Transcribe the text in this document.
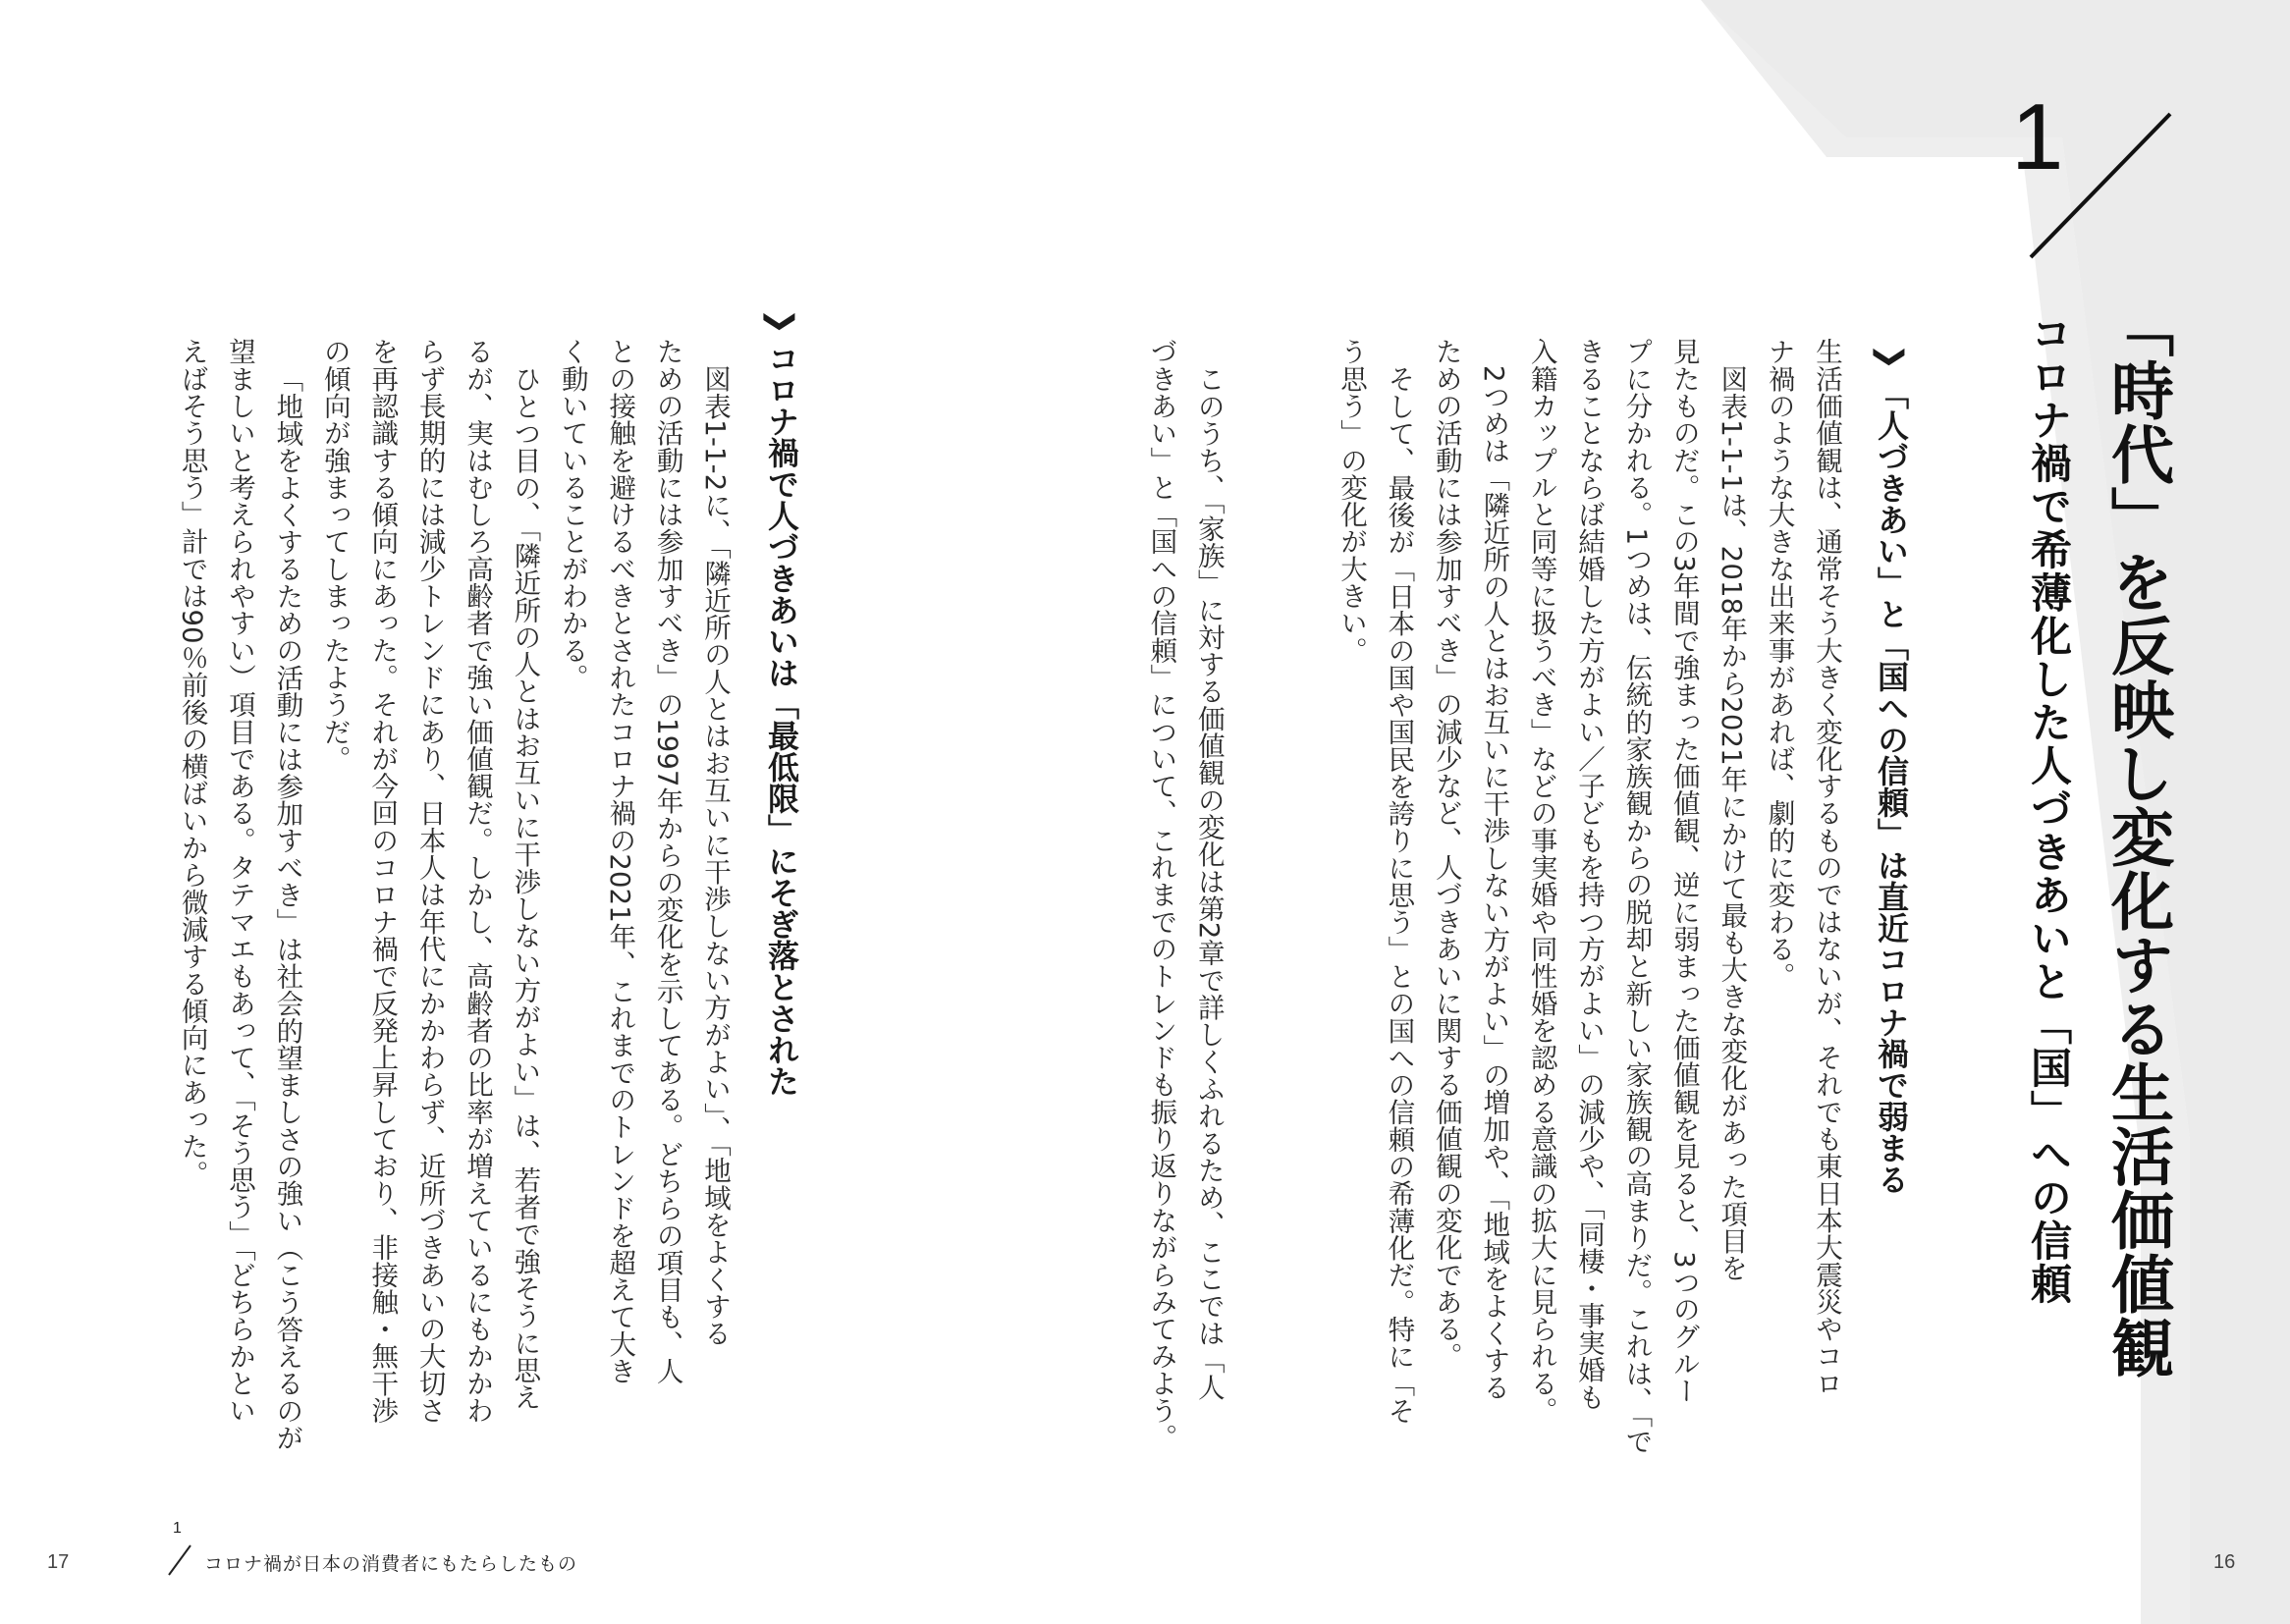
1
「時代」を反映し変化する生活価値観
コロナ禍で希薄化した人づきあいと「国」への信頼
❯「人づきあい」と「国への信頼」は直近コロナ禍で弱まる
生活価値観は、通常そう大きく変化するものではないが、それでも東日本大震災やコロ
ナ禍のような大きな出来事があれば、劇的に変わる。
図表1‐1‐1は、2018年から2021年にかけて最も大きな変化があった項目を
見たものだ。この3年間で強まった価値観、逆に弱まった価値観を見ると、3つのグルー
プに分かれる。1つめは、伝統的家族観からの脱却と新しい家族観の高まりだ。これは、「で
きることならば結婚した方がよい／子どもを持つ方がよい」の減少や、「同棲・事実婚も
入籍カップルと同等に扱うべき」などの事実婚や同性婚を認める意識の拡大に見られる。
2つめは「隣近所の人とはお互いに干渉しない方がよい」の増加や、「地域をよくする
ための活動には参加すべき」の減少など、人づきあいに関する価値観の変化である。
そして、最後が「日本の国や国民を誇りに思う」との国への信頼の希薄化だ。特に「そ
う思う」の変化が大きい。
このうち、「家族」に対する価値観の変化は第2章で詳しくふれるため、ここでは「人
づきあい」と「国への信頼」について、これまでのトレンドも振り返りながらみてみよう。
❯コロナ禍で人づきあいは「最低限」にそぎ落とされた
図表1‐1‐2に、「隣近所の人とはお互いに干渉しない方がよい」、「地域をよくする
ための活動には参加すべき」の1997年からの変化を示してある。どちらの項目も、人
との接触を避けるべきとされたコロナ禍の2021年、これまでのトレンドを超えて大き
く動いていることがわかる。
ひとつ目の、「隣近所の人とはお互いに干渉しない方がよい」は、若者で強そうに思え
るが、実はむしろ高齢者で強い価値観だ。しかし、高齢者の比率が増えているにもかかわ
らず長期的には減少トレンドにあり、日本人は年代にかかわらず、近所づきあいの大切さ
を再認識する傾向にあった。それが今回のコロナ禍で反発上昇しており、非接触・無干渉
の傾向が強まってしまったようだ。
「地域をよくするための活動には参加すべき」は社会的望ましさの強い（こう答えるのが
望ましいと考えられやすい）項目である。タテマエもあって、「そう思う」「どちらかとい
えばそう思う」計では90％前後の横ばいから微減する傾向にあった。
17	16
1
コロナ禍が日本の消費者にもたらしたもの
